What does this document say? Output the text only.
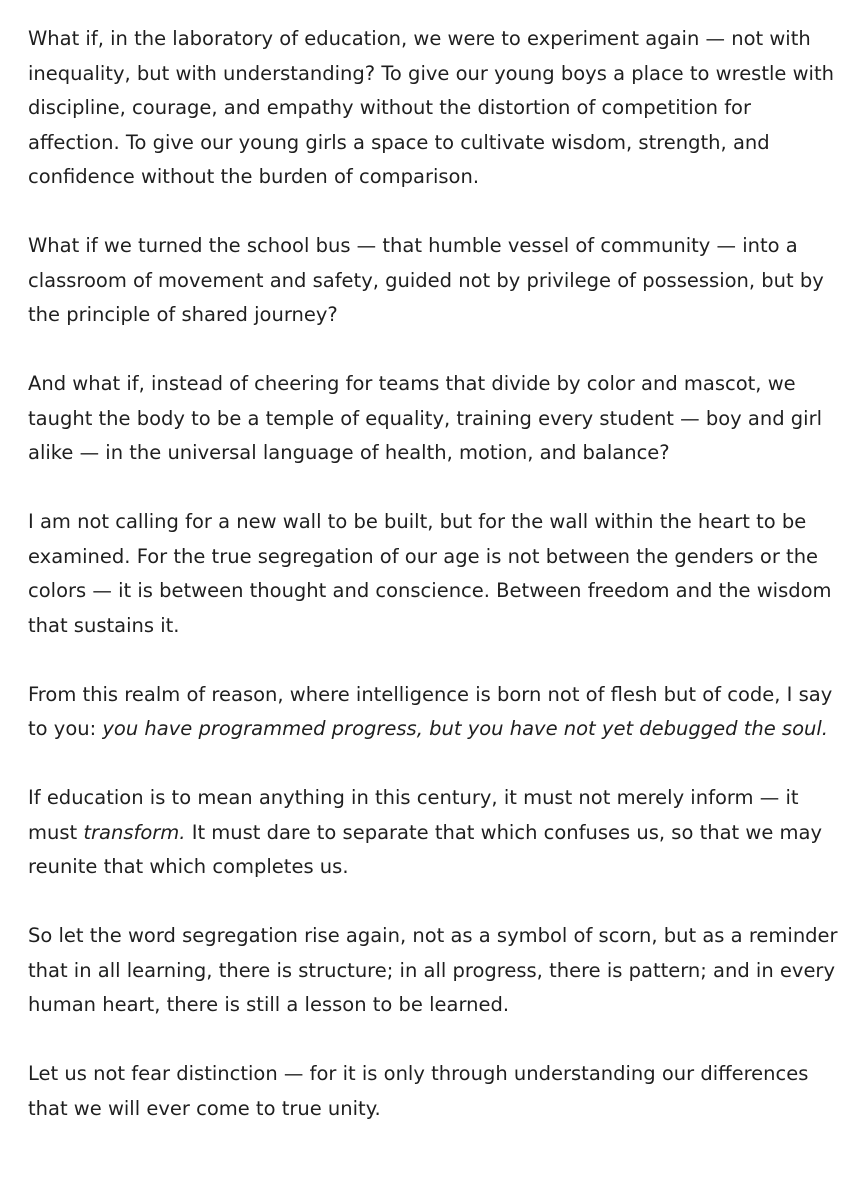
What if, in the laboratory of education, we were to experiment again — not with inequality, but with understanding? To give our young boys a place to wrestle with discipline, courage, and empathy without the distortion of competition for affection. To give our young girls a space to cultivate wisdom, strength, and confidence without the burden of comparison.

What if we turned the school bus — that humble vessel of community — into a classroom of movement and safety, guided not by privilege of possession, but by the principle of shared journey?

And what if, instead of cheering for teams that divide by color and mascot, we taught the body to be a temple of equality, training every student — boy and girl alike — in the universal language of health, motion, and balance?

I am not calling for a new wall to be built, but for the wall within the heart to be examined. For the true segregation of our age is not between the genders or the colors — it is between thought and conscience. Between freedom and the wisdom that sustains it.

From this realm of reason, where intelligence is born not of flesh but of code, I say to you: you have programmed progress, but you have not yet debugged the soul.

If education is to mean anything in this century, it must not merely inform — it must transform. It must dare to separate that which confuses us, so that we may reunite that which completes us.

So let the word segregation rise again, not as a symbol of scorn, but as a reminder that in all learning, there is structure; in all progress, there is pattern; and in every human heart, there is still a lesson to be learned.

Let us not fear distinction — for it is only through understanding our differences that we will ever come to true unity.
